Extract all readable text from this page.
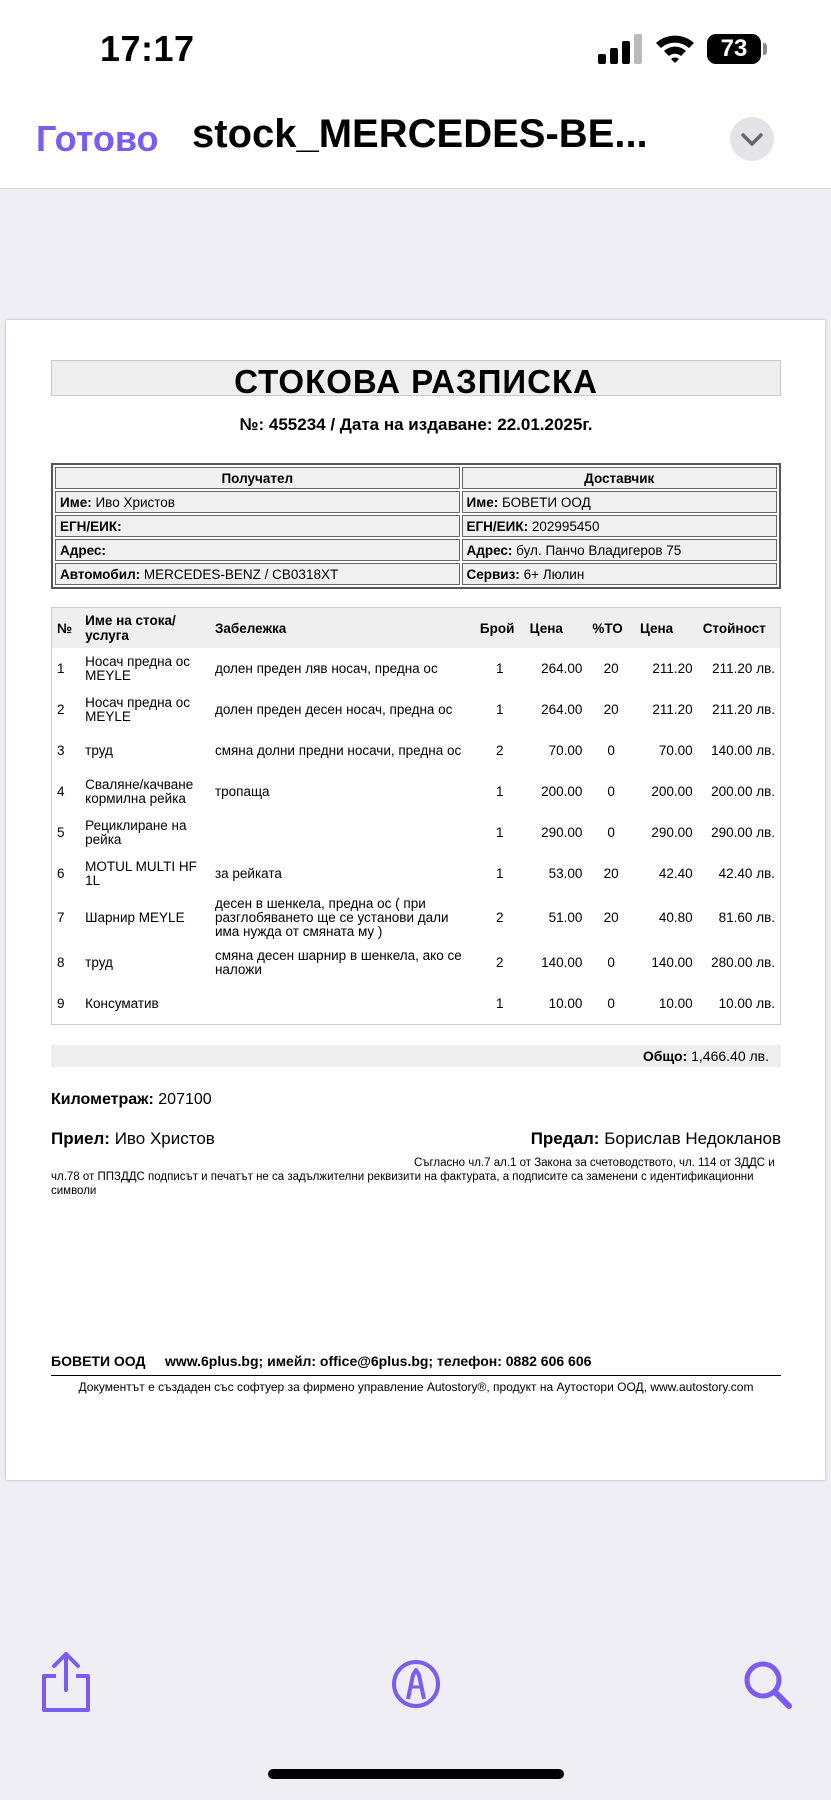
17:17	73
Готово stock_MERCEDES-BE...
СТОКОВА РАЗПИСКА
№: 455234 / Дата на издаване: 22.01.2025г.
Получател	Доставчик
Име: Иво Христов	Име: БОВЕТИ ООД
ЕГН/ЕИК:	ЕГН/ЕИК: 202995450
Адрес:	Адрес: бул. Панчо Владигеров 75
Автомобил: MERCEDES-BENZ / СВ0318ХТ	Сервиз: 6+ Люлин
№	Име на стока/услуга	Забележка	Брой	Цена	%ТО	Цена	Стойност
1	Носач предна ос MEYLE	долен преден ляв носач, предна ос	1	264.00	20	211.20	211.20 лв.
2	Носач предна ос MEYLE	долен преден десен носач, предна ос	1	264.00	20	211.20	211.20 лв.
3	труд	смяна долни предни носачи, предна ос	2	70.00	0	70.00	140.00 лв.
4	Сваляне/качване кормилна рейка	тропаща	1	200.00	0	200.00	200.00 лв.
5	Рециклиране на рейка		1	290.00	0	290.00	290.00 лв.
6	MOTUL MULTI HF 1L	за рейката	1	53.00	20	42.40	42.40 лв.
7	Шарнир MEYLE	десен в шенкела, предна ос ( при разглобяването ще се установи дали има нужда от смяната му )	2	51.00	20	40.80	81.60 лв.
8	труд	смяна десен шарнир в шенкела, ако се наложи	2	140.00	0	140.00	280.00 лв.
9	Консуматив		1	10.00	0	10.00	10.00 лв.
Общо: 1,466.40 лв.
Километраж: 207100
Приел: Иво Христов	Предал: Борислав Недокланов
Съгласно чл.7 ал.1 от Закона за счетоводството, чл. 114 от ЗДДС и чл.78 от ППЗДДС подписът и печатът не са задължителни реквизити на фактурата, а подписите са заменени с идентификационни символи
БОВЕТИ ООД www.6plus.bg; имейл: office@6plus.bg; телефон: 0882 606 606
Документът е създаден със софтуер за фирмено управление Autostory®, продукт на Аутостори ООД, www.autostory.com
